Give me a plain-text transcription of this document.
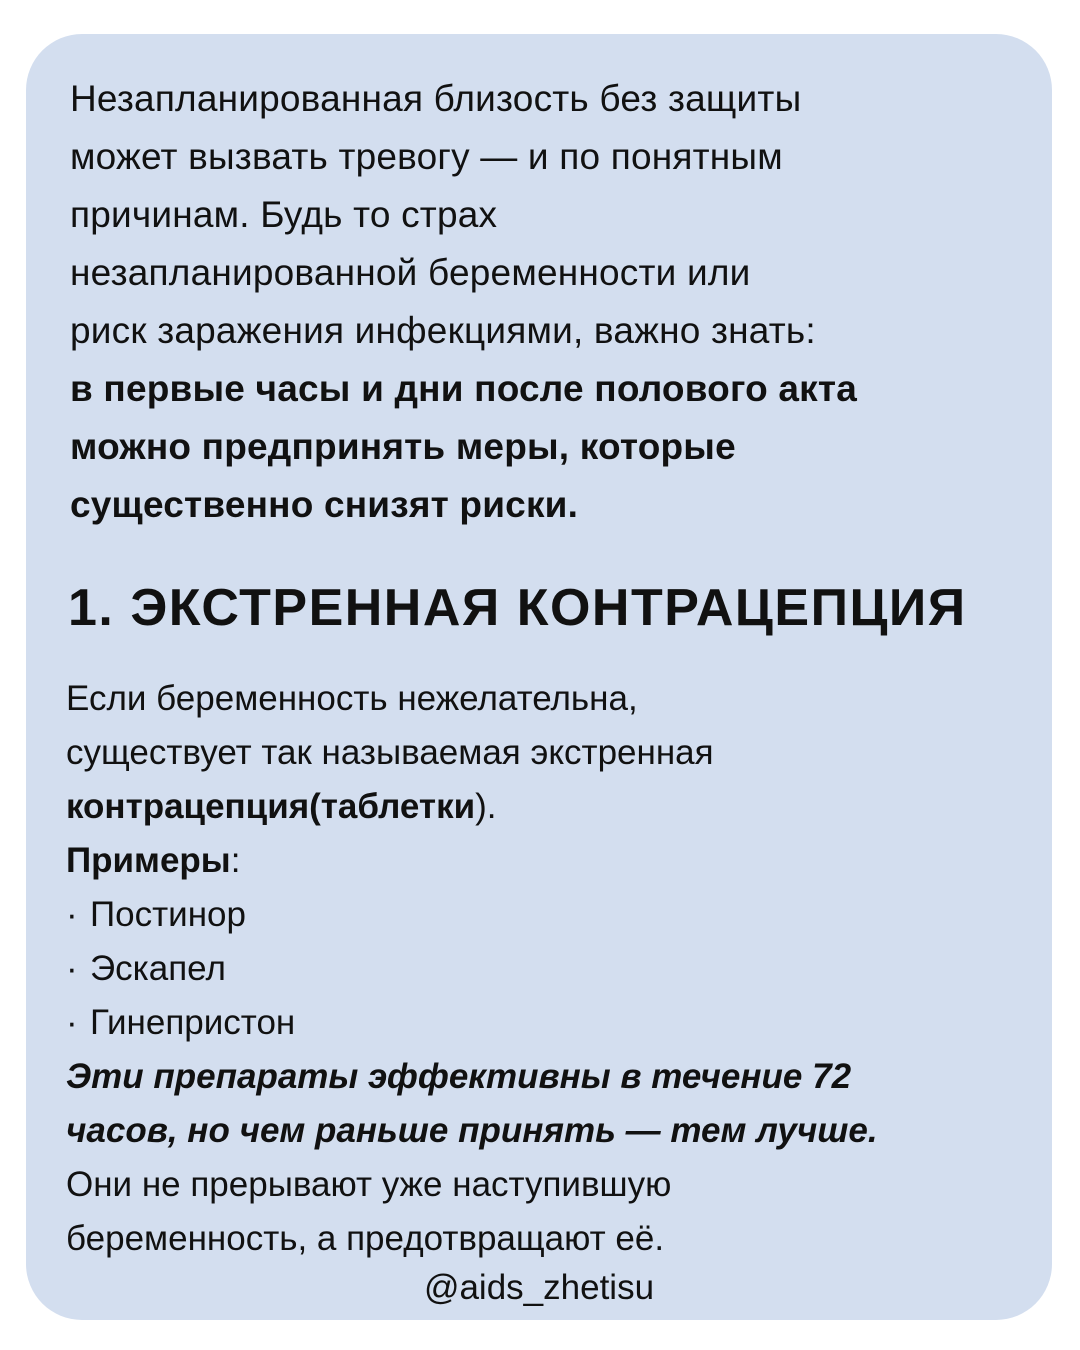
Незапланированная близость без защиты
может вызвать тревогу — и по понятным
причинам. Будь то страх
незапланированной беременности или
риск заражения инфекциями, важно знать:
в первые часы и дни после полового акта
можно предпринять меры, которые
существенно снизят риски.
1. ЭКСТРЕННАЯ КОНТРАЦЕПЦИЯ
Если беременность нежелательна,
существует так называемая экстренная
контрацепция(таблетки).
Примеры:
· Постинор
· Эскапел
· Гинепристон
Эти препараты эффективны в течение 72
часов, но чем раньше принять — тем лучше.
Они не прерывают уже наступившую
беременность, а предотвращают её.
@aids_zhetisu
